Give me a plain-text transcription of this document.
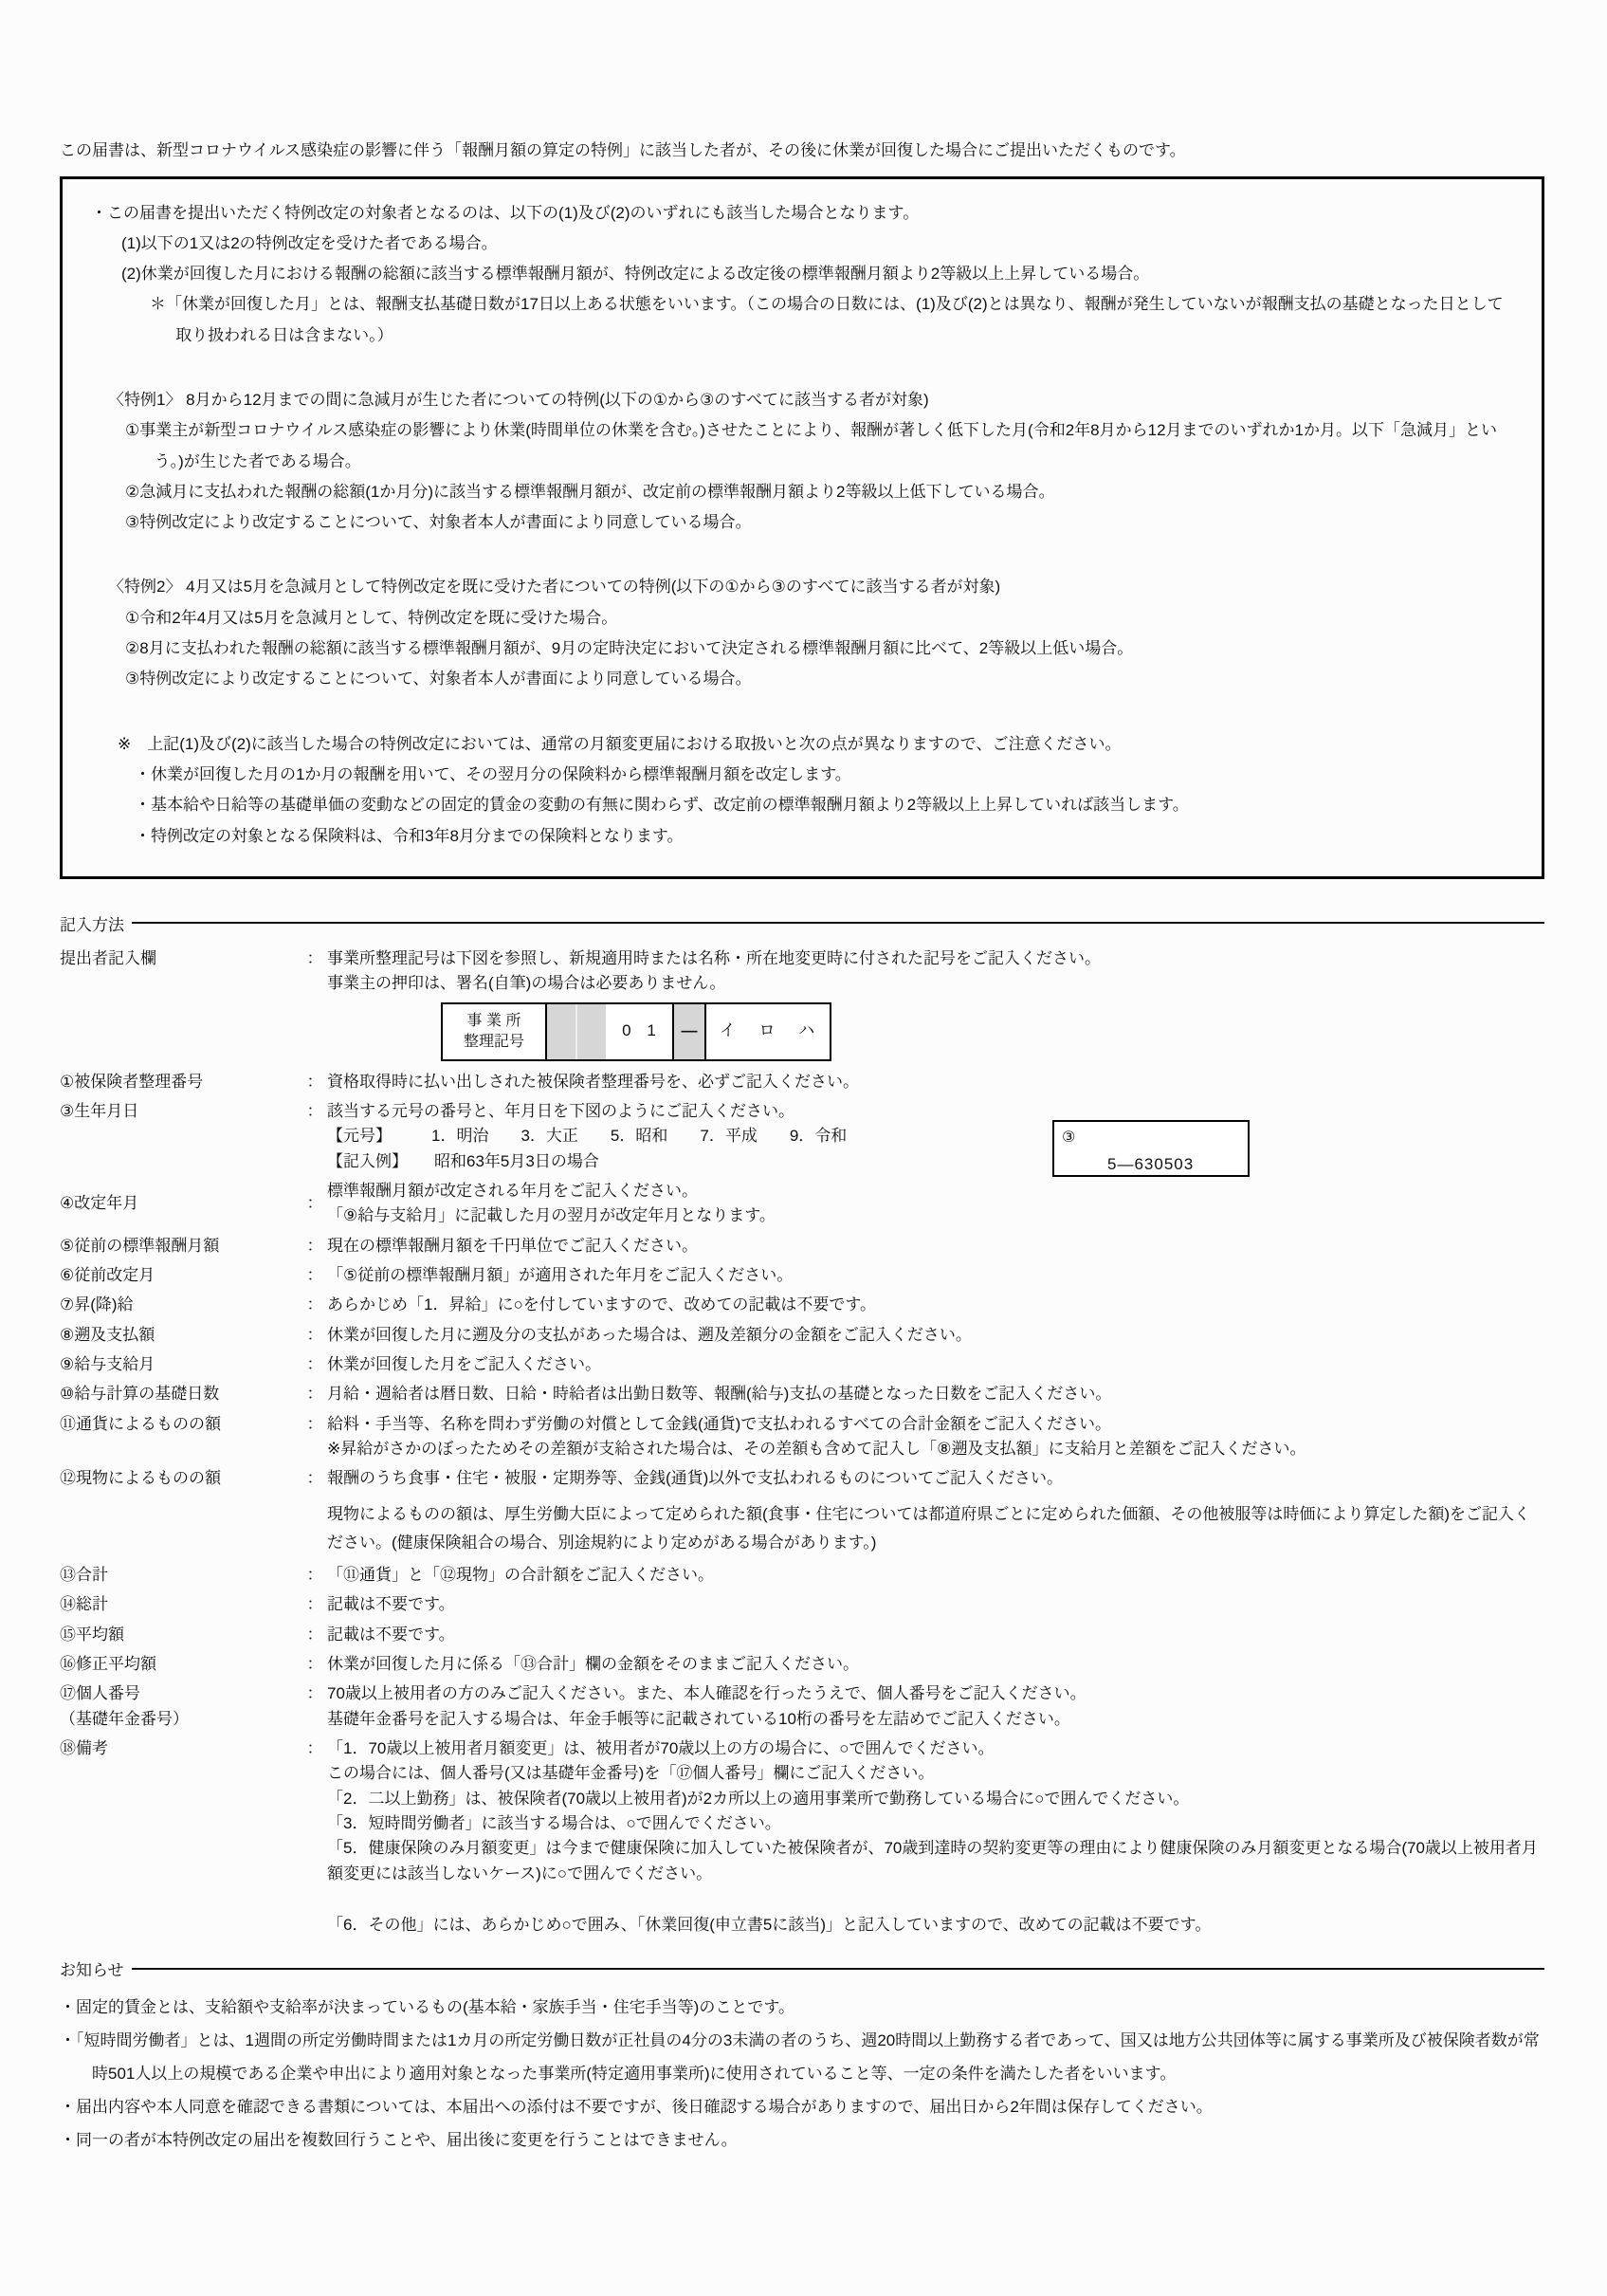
この届書は、新型コロナウイルス感染症の影響に伴う「報酬月額の算定の特例」に該当した者が、その後に休業が回復した場合にご提出いただくものです。

・この届書を提出いただく特例改定の対象者となるのは、以下の(1)及び(2)のいずれにも該当した場合となります。

(1)以下の1又は2の特例改定を受けた者である場合。

(2)休業が回復した月における報酬の総額に該当する標準報酬月額が、特例改定による改定後の標準報酬月額より2等級以上上昇している場合。

＊「休業が回復した月」とは、報酬支払基礎日数が17日以上ある状態をいいます。（この場合の日数には、(1)及び(2)とは異なり、報酬が発生していないが報酬支払の基礎となった日として取り扱われる日は含まない。）

〈特例1〉 8月から12月までの間に急減月が生じた者についての特例(以下の①から③のすべてに該当する者が対象)

①事業主が新型コロナウイルス感染症の影響により休業(時間単位の休業を含む。)させたことにより、報酬が著しく低下した月(令和2年8月から12月までのいずれか1か月。以下「急減月」という。)が生じた者である場合。

②急減月に支払われた報酬の総額(1か月分)に該当する標準報酬月額が、改定前の標準報酬月額より2等級以上低下している場合。

③特例改定により改定することについて、対象者本人が書面により同意している場合。

〈特例2〉 4月又は5月を急減月として特例改定を既に受けた者についての特例(以下の①から③のすべてに該当する者が対象)

①令和2年4月又は5月を急減月として、特例改定を既に受けた場合。

②8月に支払われた報酬の総額に該当する標準報酬月額が、9月の定時決定において決定される標準報酬月額に比べて、2等級以上低い場合。

③特例改定により改定することについて、対象者本人が書面により同意している場合。

※　上記(1)及び(2)に該当した場合の特例改定においては、通常の月額変更届における取扱いと次の点が異なりますので、ご注意ください。

・休業が回復した月の1か月の報酬を用いて、その翌月分の保険料から標準報酬月額を改定します。

・基本給や日給等の基礎単価の変動などの固定的賃金の変動の有無に関わらず、改定前の標準報酬月額より2等級以上上昇していれば該当します。

・特例改定の対象となる保険料は、令和3年8月分までの保険料となります。

記入方法
提出者記入欄	： 事業所整理記号は下図を参照し、新規適用時または名称・所在地変更時に付された記号をご記入ください。

事業主の押印は、署名(自筆)の場合は必要ありません。

事 業 所
整理記号
0 1	―	イ ロ ハ
①被保険者整理番号	： 資格取得時に払い出しされた被保険者整理番号を、必ずご記入ください。

③生年月日	： 該当する元号の番号と、年月日を下図のようにご記入ください。

【元号】 1．明治　　3．大正　　5．昭和　　7．平成　　9．令和

【記入例】 昭和63年5月3日の場合

③
5―630503
④改定年月	：

標準報酬月額が改定される年月をご記入ください。

「⑨給与支給月」に記載した月の翌月が改定年月となります。

⑤従前の標準報酬月額	： 現在の標準報酬月額を千円単位でご記入ください。

⑥従前改定月	： 「⑤従前の標準報酬月額」が適用された年月をご記入ください。

⑦昇(降)給	： あらかじめ「1．昇給」に○を付していますので、改めての記載は不要です。

⑧遡及支払額	： 休業が回復した月に遡及分の支払があった場合は、遡及差額分の金額をご記入ください。

⑨給与支給月	： 休業が回復した月をご記入ください。

⑩給与計算の基礎日数	： 月給・週給者は暦日数、日給・時給者は出勤日数等、報酬(給与)支払の基礎となった日数をご記入ください。

⑪通貨によるものの額	： 給料・手当等、名称を問わず労働の対償として金銭(通貨)で支払われるすべての合計金額をご記入ください。

※昇給がさかのぼったためその差額が支給された場合は、その差額も含めて記入し「⑧遡及支払額」に支給月と差額をご記入ください。

⑫現物によるものの額	： 報酬のうち食事・住宅・被服・定期券等、金銭(通貨)以外で支払われるものについてご記入ください。

現物によるものの額は、厚生労働大臣によって定められた額(食事・住宅については都道府県ごとに定められた価額、その他被服等は時価により算定した額)をご記入ください。(健康保険組合の場合、別途規約により定めがある場合があります。)

⑬合計	： 「⑪通貨」と「⑫現物」の合計額をご記入ください。

⑭総計	： 記載は不要です。

⑮平均額	： 記載は不要です。

⑯修正平均額	： 休業が回復した月に係る「⑬合計」欄の金額をそのままご記入ください。

⑰個人番号
（基礎年金番号）
： 70歳以上被用者の方のみご記入ください。また、本人確認を行ったうえで、個人番号をご記入ください。

基礎年金番号を記入する場合は、年金手帳等に記載されている10桁の番号を左詰めでご記入ください。

⑱備考	： 「1．70歳以上被用者月額変更」は、被用者が70歳以上の方の場合に、○で囲んでください。

この場合には、個人番号(又は基礎年金番号)を「⑰個人番号」欄にご記入ください。

「2．二以上勤務」は、被保険者(70歳以上被用者)が2カ所以上の適用事業所で勤務している場合に○で囲んでください。

「3．短時間労働者」に該当する場合は、○で囲んでください。

「5．健康保険のみ月額変更」は今まで健康保険に加入していた被保険者が、70歳到達時の契約変更等の理由により健康保険のみ月額変更となる場合(70歳以上被用者月額変更には該当しないケース)に○で囲んでください。

「6．その他」には、あらかじめ○で囲み、「休業回復(申立書5に該当)」と記入していますので、改めての記載は不要です。

お知らせ

・固定的賃金とは、支給額や支給率が決まっているもの(基本給・家族手当・住宅手当等)のことです。

・「短時間労働者」とは、1週間の所定労働時間または1カ月の所定労働日数が正社員の4分の3未満の者のうち、週20時間以上勤務する者であって、国又は地方公共団体等に属する事業所及び被保険者数が常時501人以上の規模である企業や申出により適用対象となった事業所(特定適用事業所)に使用されていること等、一定の条件を満たした者をいいます。

・届出内容や本人同意を確認できる書類については、本届出への添付は不要ですが、後日確認する場合がありますので、届出日から2年間は保存してください。

・同一の者が本特例改定の届出を複数回行うことや、届出後に変更を行うことはできません。
